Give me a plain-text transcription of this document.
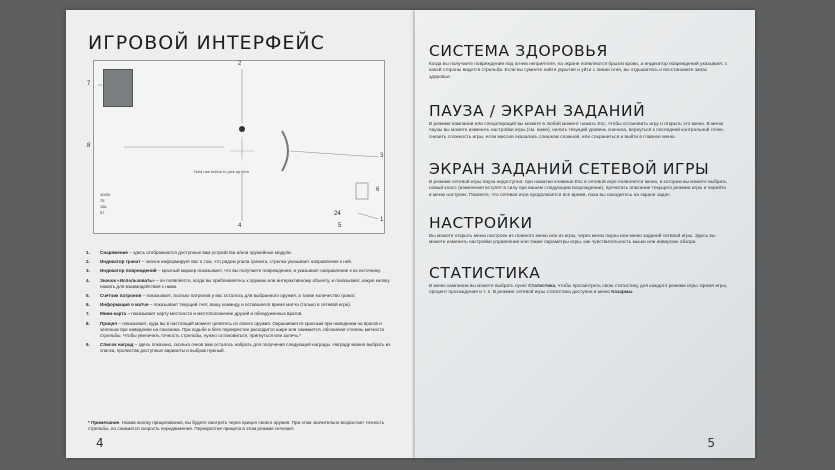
ИГРОВОЙ ИНТЕРФЕЙС
2
8
7
3
6
1
4	5
Hold use button to pick up item
24
40/50
75
15k
57
1. Снаряжение – здесь отображаются доступные вам устройства и/или оружейные модули.
2. Индикатор гранат – значок информирует вас о том, что рядом упала граната, стрелка указывает направление к ней.
3. Индикатор повреждений – красный маркер показывает, что вы получаете повреждения, и указывает направление к их источнику.
4. Значок «Использовать» – он появляется, когда вы приближаетесь к оружию или интерактивному объекту, и показывает, какую кнопку нажать для взаимодействия с ними.
5. Счетчик патронов – показывает, сколько патронов у вас осталось для выбранного оружия, а также количество гранат.
6. Информация о матче – показывает текущий счет, вашу команду и оставшееся время матча (только в сетевой игре).
7. Мини-карта – показывает карту местности и местоположение друзей и обнаруженных врагов.
8. Прицел – показывает, куда вы в настоящий момент целитесь из своего оружия. Окрашивается красным при наведении на врагов и зеленым при наведении на союзника. При ходьбе и беге перекрестие расходится шире или сжимается, обозначая степень меткости стрельбы. Чтобы увеличить точность стрельбы, нужно остановиться, пригнуться или залечь.*
9. Список наград – здесь показано, сколько очков вам осталось набрать для получения следующей награды. Награду можно выбрать из списка, пролистав доступные варианты и выбрав нужный.
* Примечание. Нажав кнопку прицеливания, вы будете смотреть через прицел своего оружия. При этом значительно возрастает точность стрельбы, но снижается скорость передвижения. Перекрестие прицела в этом режиме исчезает.
4
СИСТЕМА ЗДОРОВЬЯ

Когда вы получаете повреждения под огнем неприятеля, на экране появляются брызги крови, а индикатор повреждений указывает, с какой стороны ведется стрельба. Если вы сумеете найти укрытие и уйти с линии огня, вы отдышитесь и восстановите запас здоровья.

ПАУЗА / ЭКРАН ЗАДАНИЙ

В режиме кампании или спецопераций вы можете в любой момент нажать Esc, чтобы остановить игру и открыть это меню. В меню паузы вы можете изменить настройки игры (см. ниже), начать текущий уровень сначала, вернуться к последней контрольной точке, снизить сложность игры, если миссия оказалась слишком сложной, или сохраниться и выйти в главное меню.

ЭКРАН ЗАДАНИЙ СЕТЕВОЙ ИГРЫ

В режиме сетевой игры пауза недоступна: при нажатии клавиши Esc в сетевой игре появляется меню, в котором вы можете выбрать новый класс (изменения вступят в силу при вашем следующем возрождении), прочитать описание текущего режима игры и перейти в меню настроек. Помните, что сетевая игра продолжается все время, пока вы находитесь на экране задач.

НАСТРОЙКИ

Вы можете открыть меню настроек из главного меню или из игры, через меню паузы или меню заданий сетевой игры. Здесь вы можете изменить настройки управления или также параметры игры, как чувствительность мыши или инверсию обзора.

СТАТИСТИКА

В меню кампании вы можете выбрать пункт Статистика, чтобы просмотреть свою статистику для каждого режима игры: время игры, процент прохождения и т. п. В режиме сетевой игры статистика доступна в меню Казармы.

5
